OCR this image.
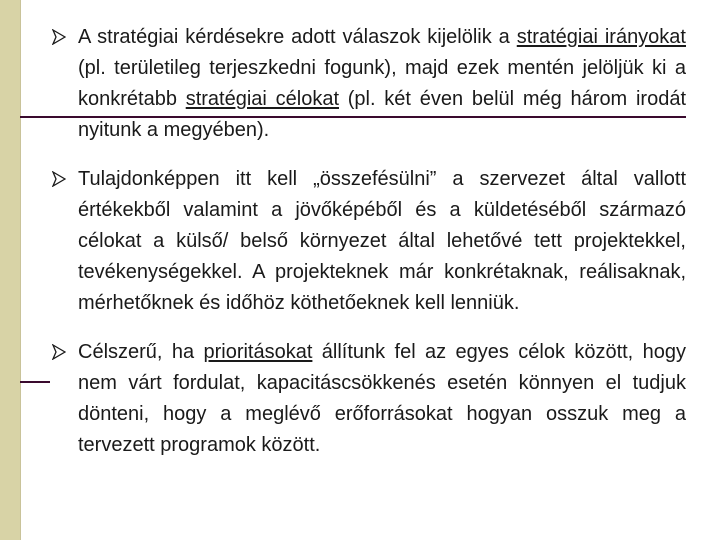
A stratégiai kérdésekre adott válaszok kijelölik a stratégiai irányokat (pl. területileg terjeszkedni fogunk), majd ezek mentén jelöljük ki a konkrétabb stratégiai célokat (pl. két éven belül még három irodát nyitunk a megyében).
Tulajdonképpen itt kell „összefésülni” a szervezet által vallott értékekből valamint a jövőképéből és a küldetéséből származó célokat a külső/ belső környezet által lehetővé tett projektekkel, tevékenységekkel. A projekteknek már konkrétaknak, reálisaknak, mérhetőknek és időhöz köthetőeknek kell lenniük.
Célszerű, ha prioritásokat állítunk fel az egyes célok között, hogy nem várt fordulat, kapacitáscsökkenés esetén könnyen el tudjuk dönteni, hogy a meglévő erőforrásokat hogyan osszuk meg a tervezett programok között.
